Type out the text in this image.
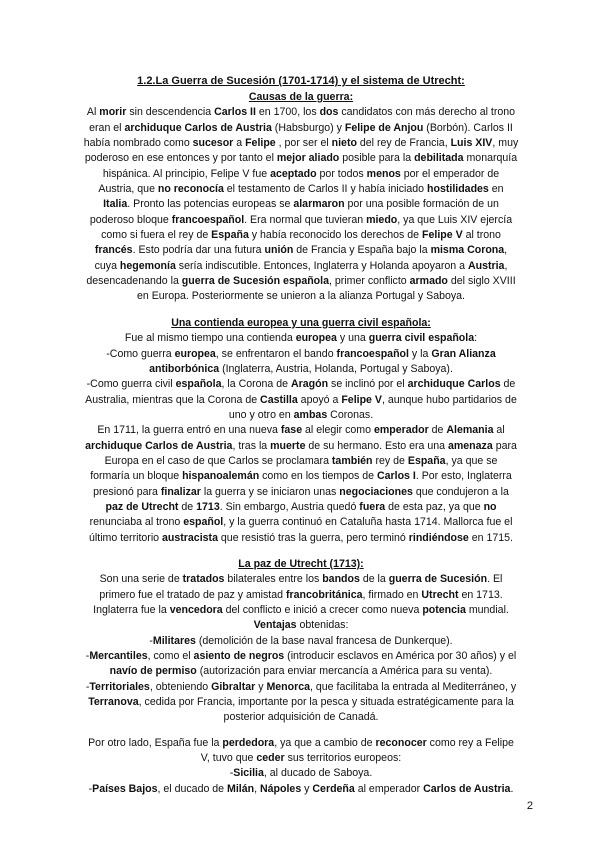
1.2.La Guerra de Sucesión (1701-1714) y el sistema de Utrecht:
Causas de la guerra:
Al morir sin descendencia Carlos II en 1700, los dos candidatos con más derecho al trono
eran el archiduque Carlos de Austria (Habsburgo) y Felipe de Anjou (Borbón). Carlos II
había nombrado como sucesor a Felipe , por ser el nieto del rey de Francia, Luis XIV, muy
poderoso en ese entonces y por tanto el mejor aliado posible para la debilitada monarquía
hispánica. Al principio, Felipe V fue aceptado por todos menos por el emperador de
Austria, que no reconocía el testamento de Carlos II y había iniciado hostilidades en
Italia. Pronto las potencias europeas se alarmaron por una posible formación de un
poderoso bloque francoespañol. Era normal que tuvieran miedo, ya que Luis XIV ejercía
como si fuera el rey de España y había reconocido los derechos de Felipe V al trono
francés. Esto podría dar una futura unión de Francia y España bajo la misma Corona,
cuya hegemonía sería indiscutible. Entonces, Inglaterra y Holanda apoyaron a Austria,
desencadenando la guerra de Sucesión española, primer conflicto armado del siglo XVIII
en Europa. Posteriormente se unieron a la alianza Portugal y Saboya.
Una contienda europea y una guerra civil española:
Fue al mismo tiempo una contienda europea y una guerra civil española:
-Como guerra europea, se enfrentaron el bando francoespañol y la Gran Alianza
antiborbónica (Inglaterra, Austria, Holanda, Portugal y Saboya).
-Como guerra civil española, la Corona de Aragón se inclinó por el archiduque Carlos de
Australia, mientras que la Corona de Castilla apoyó a Felipe V, aunque hubo partidarios de
uno y otro en ambas Coronas.
En 1711, la guerra entró en una nueva fase al elegir como emperador de Alemania al
archiduque Carlos de Austria, tras la muerte de su hermano. Esto era una amenaza para
Europa en el caso de que Carlos se proclamara también rey de España, ya que se
formaría un bloque hispanoalemán como en los tiempos de Carlos I. Por esto, Inglaterra
presionó para finalizar la guerra y se iniciaron unas negociaciones que condujeron a la
paz de Utrecht de 1713. Sin embargo, Austria quedó fuera de esta paz, ya que no
renunciaba al trono español, y la guerra continuó en Cataluña hasta 1714. Mallorca fue el
último territorio austracista que resistió tras la guerra, pero terminó rindiéndose en 1715.
La paz de Utrecht (1713):
Son una serie de tratados bilaterales entre los bandos de la guerra de Sucesión. El
primero fue el tratado de paz y amistad francobritánica, firmado en Utrecht en 1713.
Inglaterra fue la vencedora del conflicto e inició a crecer como nueva potencia mundial.
Ventajas obtenidas:
-Militares (demolición de la base naval francesa de Dunkerque).
-Mercantiles, como el asiento de negros (introducir esclavos en América por 30 años) y el
navío de permiso (autorización para enviar mercancía a América para su venta).
-Territoriales, obteniendo Gibraltar y Menorca, que facilitaba la entrada al Mediterráneo, y
Terranova, cedida por Francia, importante por la pesca y situada estratégicamente para la
posterior adquisición de Canadá.
Por otro lado, España fue la perdedora, ya que a cambio de reconocer como rey a Felipe
V, tuvo que ceder sus territorios europeos:
-Sicilia, al ducado de Saboya.
-Países Bajos, el ducado de Milán, Nápoles y Cerdeña al emperador Carlos de Austria.
2
